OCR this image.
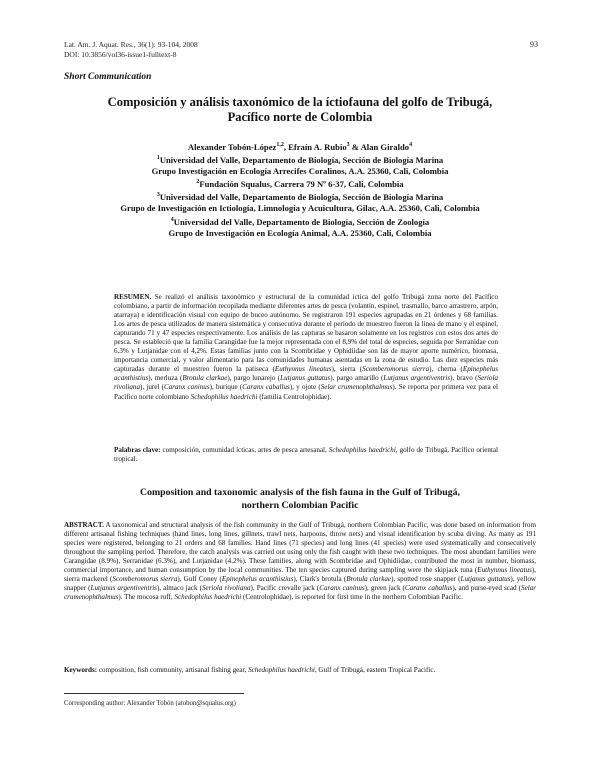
Lat. Am. J. Aquat. Res., 36(1): 93-104, 2008
DOI: 10.3856/vol36-issue1-fulltext-8
93
Short Communication
Composición y análisis taxonómico de la íctiofauna del golfo de Tribugá,
Pacífico norte de Colombia
Alexander Tobón-López$^{1,2}$, Efraín A. Rubio$^3$ & Alan Giraldo$^4$
$^1$Universidad del Valle, Departamento de Biología, Sección de Biología Marina
Grupo Investigación en Ecología Arrecifes Coralinos, A.A. 25360, Cali, Colombia
$^2$Fundación Squalus, Carrera 79 Nº 6-37, Cali, Colombia
$^3$Universidad del Valle, Departamento de Biología, Sección de Biología Marina
Grupo de Investigación en Ictiología, Limnología y Acuicultura, Gilac, A.A. 25360, Cali, Colombia
$^4$Universidad del Valle, Departamento de Biología, Sección de Zoología
Grupo de Investigación en Ecología Animal, A.A. 25360, Cali, Colombia
RESUMEN. Se realizó el análisis taxonómico y estructural de la comunidad íctica del golfo Tribugá zona norte del Pacífico colombiano, a partir de información recopilada mediante diferentes artes de pesca (volantín, espinel, trasmallo, barco arrastrero, arpón, atarraya) e identificación visual con equipo de buceo autónomo. Se registraron 191 especies agrupadas en 21 órdenes y 68 familias. Los artes de pesca utilizados de manera sistemática y consecutiva durante el período de muestreo fueron la línea de mano y el espinel, capturando 71 y 47 especies respectivamente. Los análisis de las capturas se basaron solamente en los registros con estos dos artes de pesca. Se estableció que la familia Carangidae fue la mejor representada con el 8,9% del total de especies, seguida por Serranidae con 6,3% y Lutjanidae con el 4,2%. Estas familias junto con la Scombridae y Ophidiidae son las de mayor aporte numérico, biomasa, importancia comercial, y valor alimentario para las comunidades humanas asentadas en la zona de estudio. Las diez especies más capturadas durante el muestreo fueron la patiseca (Euthynnus lineatus), sierra (Scomberomorus sierra), cherna (Epinephelus acanthistius), merluza (Brotula clarkae), pargo lunarejo (Lutjanus guttatus), pargo amarillo (Lutjanus argentiventris), bravo (Seriola rivoliana), jurel (Caranx caninus), burique (Caranx caballus), y ojote (Selar crumenophthalmus). Se reporta por primera vez para el Pacífico norte colombiano Schedophilus haedrichi (familia Centrolophidae).
Palabras clave: composición, comunidad ícticas, artes de pesca artesanal, Schedophilus haedrichi, golfo de Tribugá, Pacífico oriental tropical.
Composition and taxonomic analysis of the fish fauna in the Gulf of Tribugá,
northern Colombian Pacific
ABSTRACT. A taxonomical and structural analysis of the fish community in the Gulf of Tribugá, northern Colombian Pacific, was done based on information from different artisanal fishing techniques (hand lines, long lines, gillnets, trawl nets, harpoons, throw nets) and visual identification by scuba diving. As many as 191 species were registered, belonging to 21 orders and 68 families. Hand lines (71 species) and long lines (41 species) were used systematically and consecutively throughout the sampling period. Therefore, the catch analysis was carried out using only the fish caught with these two techniques. The most abundant families were Carangidae (8.9%), Serranidae (6.3%), and Lutjanidae (4.2%). These families, along with Scombridae and Ophidiidae, contributed the most in number, biomass, commercial importance, and human consumption by the local communities. The ten species captured during sampling were the skipjack tuna (Euthynnus lineatus), sierra mackerel (Scomberomorus sierra), Gulf Coney (Epinephelus acanthistius), Clark's brotula (Brotula clarkae), spotted rose snapper (Lutjanus guttatus), yellow snapper (Lutjanus argentiventris), almaco jack (Seriola rivoliana), Pacific crevalle jack (Caranx caninus), green jack (Caranx caballus), and purse-eyed scad (Selar crumenophthalmus). The mocosa ruff, Schedophilus haedrichi (Centrolophidae), is reported for first time in the northern Colombian Pacific.
Keywords: composition, fish community, artisanal fishing gear, Schedophilus haedrichi, Gulf of Tribugá, eastern Tropical Pacific.
Corresponding author: Alexander Tobón (atobon@squalus.org)
